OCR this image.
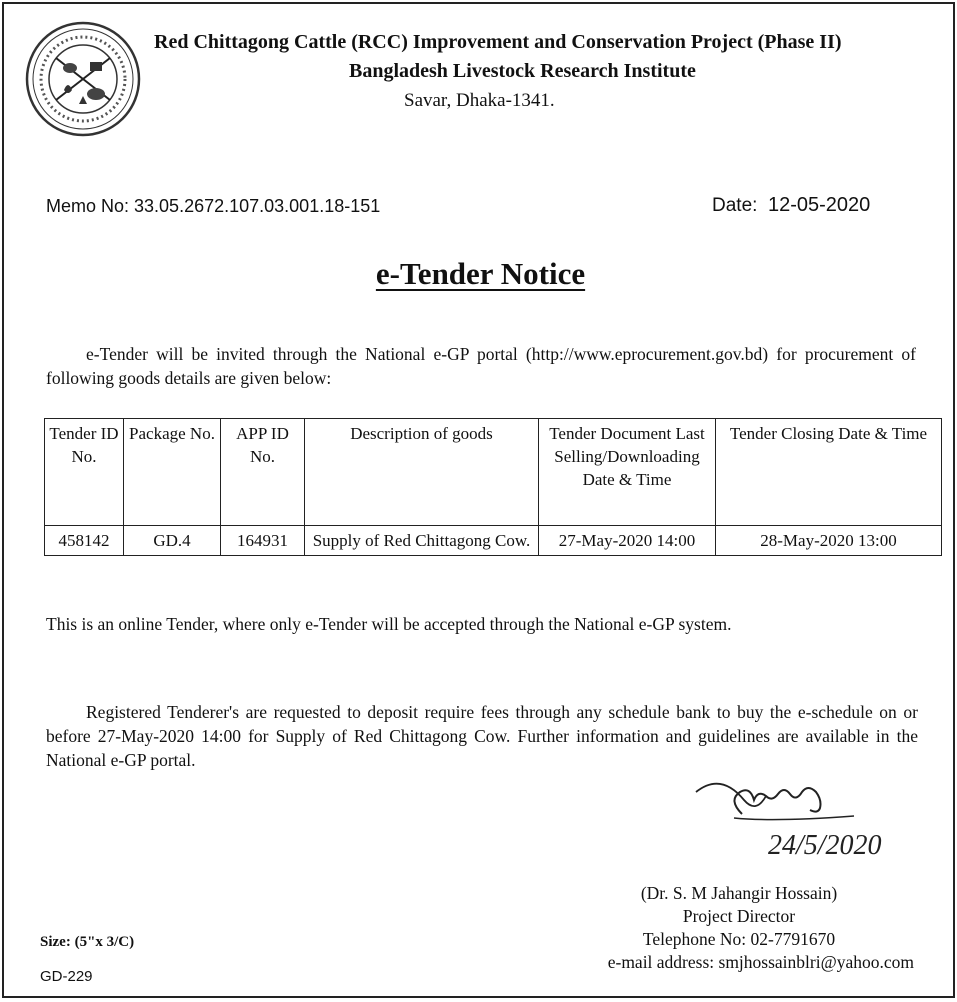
Red Chittagong Cattle (RCC) Improvement and Conservation Project (Phase II)
Bangladesh Livestock Research Institute
Savar, Dhaka-1341.
Memo No: 33.05.2672.107.03.001.18-151	Date: 12-05-2020
e-Tender Notice
e-Tender will be invited through the National e-GP portal (http://www.eprocurement.gov.bd) for procurement of following goods details are given below:
Tender ID No.	Package No.	APP ID No.	Description of goods	Tender Document Last Selling/Downloading Date & Time	Tender Closing Date & Time
458142	GD.4	164931	Supply of Red Chittagong Cow.	27-May-2020 14:00	28-May-2020 13:00
This is an online Tender, where only e-Tender will be accepted through the National e-GP system.
Registered Tenderer's are requested to deposit require fees through any schedule bank to buy the e-schedule on or before 27-May-2020 14:00 for Supply of Red Chittagong Cow. Further information and guidelines are available in the National e-GP portal.
24/5/2020
(Dr. S. M Jahangir Hossain)
Project Director
Telephone No: 02-7791670
e-mail address: smjhossainblri@yahoo.com
Size: (5"x 3/C)
GD-229
